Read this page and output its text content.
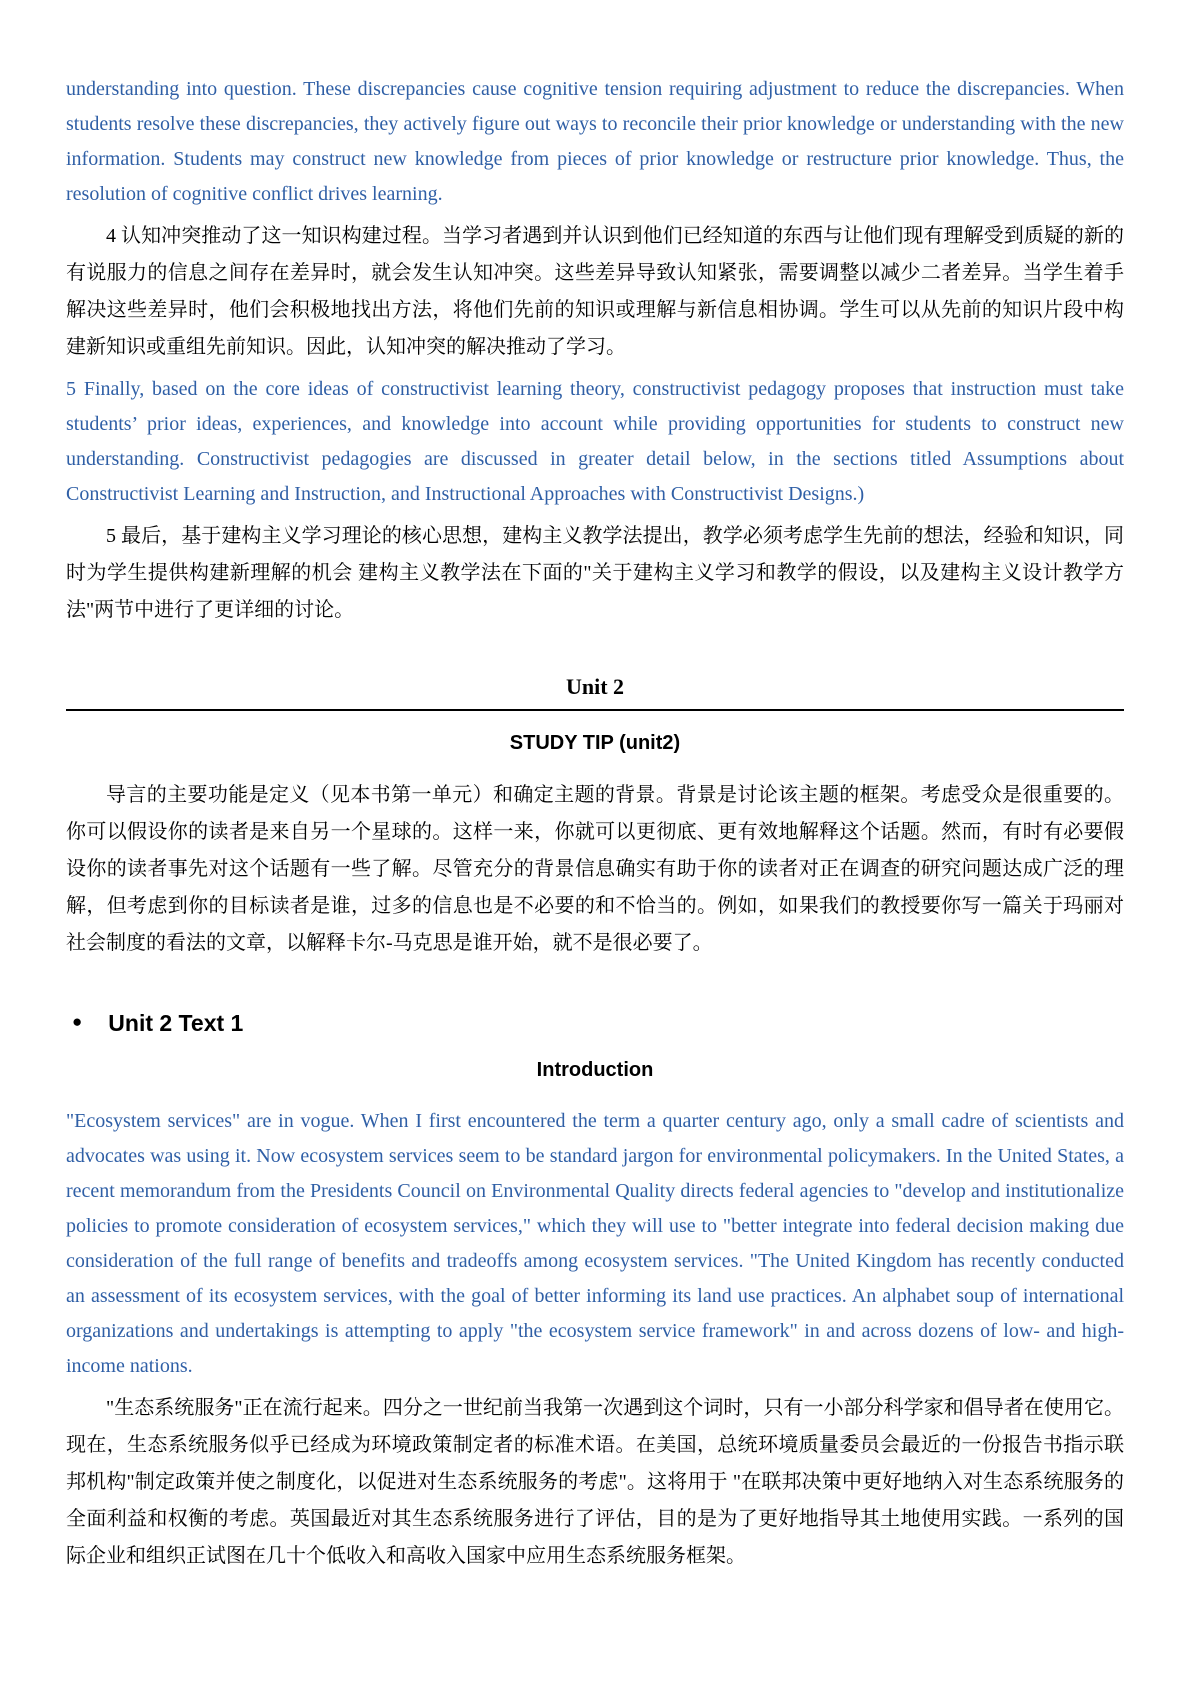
understanding into question. These discrepancies cause cognitive tension requiring adjustment to reduce the discrepancies. When students resolve these discrepancies, they actively figure out ways to reconcile their prior knowledge or understanding with the new information. Students may construct new knowledge from pieces of prior knowledge or restructure prior knowledge. Thus, the resolution of cognitive conflict drives learning.

4 认知冲突推动了这一知识构建过程。当学习者遇到并认识到他们已经知道的东西与让他们现有理解受到质疑的新的有说服力的信息之间存在差异时，就会发生认知冲突。这些差异导致认知紧张，需要调整以减少二者差异。当学生着手解决这些差异时，他们会积极地找出方法，将他们先前的知识或理解与新信息相协调。学生可以从先前的知识片段中构建新知识或重组先前知识。因此，认知冲突的解决推动了学习。

5 Finally, based on the core ideas of constructivist learning theory, constructivist pedagogy proposes that instruction must take students’ prior ideas, experiences, and knowledge into account while providing opportunities for students to construct new understanding. Constructivist pedagogies are discussed in greater detail below, in the sections titled Assumptions about Constructivist Learning and Instruction, and Instructional Approaches with Constructivist Designs.)

5 最后，基于建构主义学习理论的核心思想，建构主义教学法提出，教学必须考虑学生先前的想法，经验和知识，同时为学生提供构建新理解的机会 建构主义教学法在下面的"关于建构主义学习和教学的假设，以及建构主义设计教学方法"两节中进行了更详细的讨论。

Unit 2
STUDY TIP (unit2)

导言的主要功能是定义（见本书第一单元）和确定主题的背景。背景是讨论该主题的框架。考虑受众是很重要的。你可以假设你的读者是来自另一个星球的。这样一来，你就可以更彻底、更有效地解释这个话题。然而，有时有必要假设你的读者事先对这个话题有一些了解。尽管充分的背景信息确实有助于你的读者对正在调查的研究问题达成广泛的理解，但考虑到你的目标读者是谁，过多的信息也是不必要的和不恰当的。例如，如果我们的教授要你写一篇关于玛丽对社会制度的看法的文章，以解释卡尔-马克思是谁开始，就不是很必要了。

● Unit 2 Text 1
Introduction

"Ecosystem services" are in vogue. When I first encountered the term a quarter century ago, only a small cadre of scientists and advocates was using it. Now ecosystem services seem to be standard jargon for environmental policymakers. In the United States, a recent memorandum from the Presidents Council on Environmental Quality directs federal agencies to "develop and institutionalize policies to promote consideration of ecosystem services," which they will use to "better integrate into federal decision making due consideration of the full range of benefits and tradeoffs among ecosystem services. "The United Kingdom has recently conducted an assessment of its ecosystem services, with the goal of better informing its land use practices. An alphabet soup of international organizations and undertakings is attempting to apply "the ecosystem service framework" in and across dozens of low- and high-income nations.

"生态系统服务"正在流行起来。四分之一世纪前当我第一次遇到这个词时，只有一小部分科学家和倡导者在使用它。现在，生态系统服务似乎已经成为环境政策制定者的标准术语。在美国，总统环境质量委员会最近的一份报告书指示联邦机构"制定政策并使之制度化，以促进对生态系统服务的考虑"。这将用于 "在联邦决策中更好地纳入对生态系统服务的全面利益和权衡的考虑。英国最近对其生态系统服务进行了评估，目的是为了更好地指导其土地使用实践。一系列的国际企业和组织正试图在几十个低收入和高收入国家中应用生态系统服务框架。
